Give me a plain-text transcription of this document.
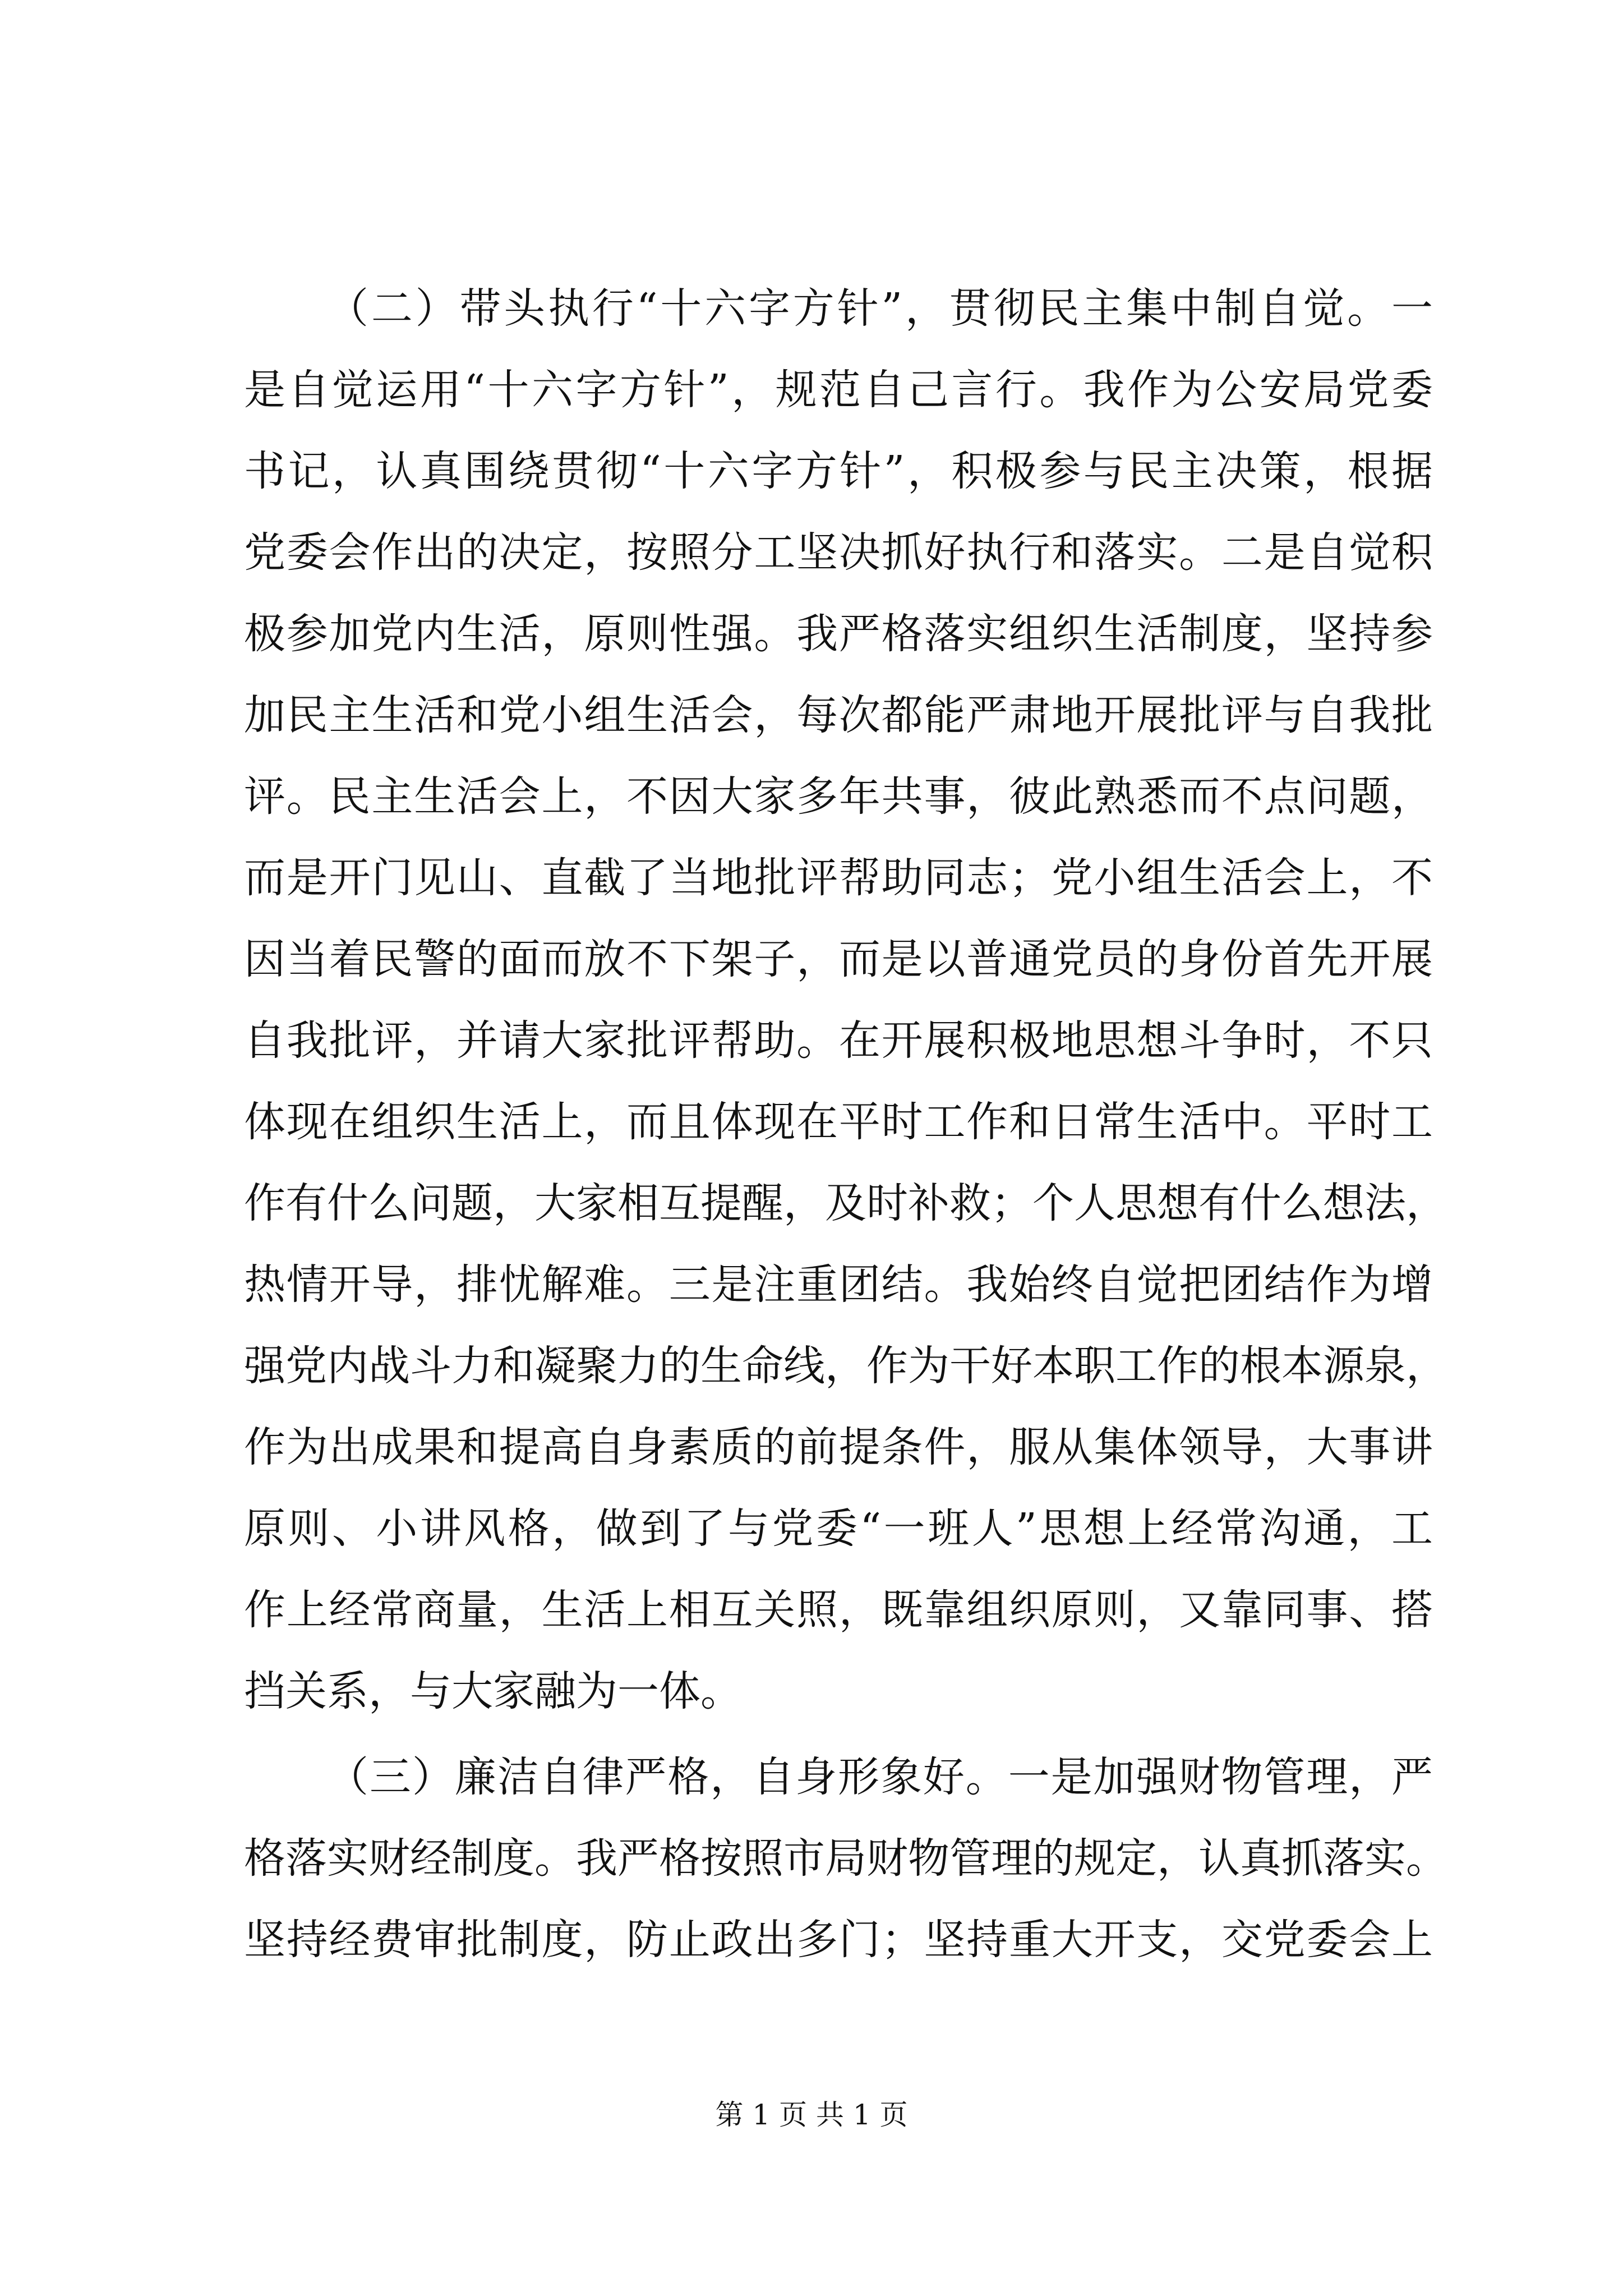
（二）带头执行“十六字方针”，贯彻民主集中制自觉。一
是自觉运用“十六字方针”，规范自己言行。我作为公安局党委
书记，认真围绕贯彻“十六字方针”，积极参与民主决策，根据
党委会作出的决定，按照分工坚决抓好执行和落实。二是自觉积
极参加党内生活，原则性强。我严格落实组织生活制度，坚持参
加民主生活和党小组生活会，每次都能严肃地开展批评与自我批
评。民主生活会上，不因大家多年共事，彼此熟悉而不点问题，
而是开门见山、直截了当地批评帮助同志；党小组生活会上，不
因当着民警的面而放不下架子，而是以普通党员的身份首先开展
自我批评，并请大家批评帮助。在开展积极地思想斗争时，不只
体现在组织生活上，而且体现在平时工作和日常生活中。平时工
作有什么问题，大家相互提醒，及时补救；个人思想有什么想法，
热情开导，排忧解难。三是注重团结。我始终自觉把团结作为增
强党内战斗力和凝聚力的生命线，作为干好本职工作的根本源泉，
作为出成果和提高自身素质的前提条件，服从集体领导，大事讲
原则、小讲风格，做到了与党委“一班人”思想上经常沟通，工
作上经常商量，生活上相互关照，既靠组织原则，又靠同事、搭
挡关系，与大家融为一体。
（三）廉洁自律严格，自身形象好。一是加强财物管理，严
格落实财经制度。我严格按照市局财物管理的规定，认真抓落实。
坚持经费审批制度，防止政出多门；坚持重大开支，交党委会上
第 1 页 共 1 页
